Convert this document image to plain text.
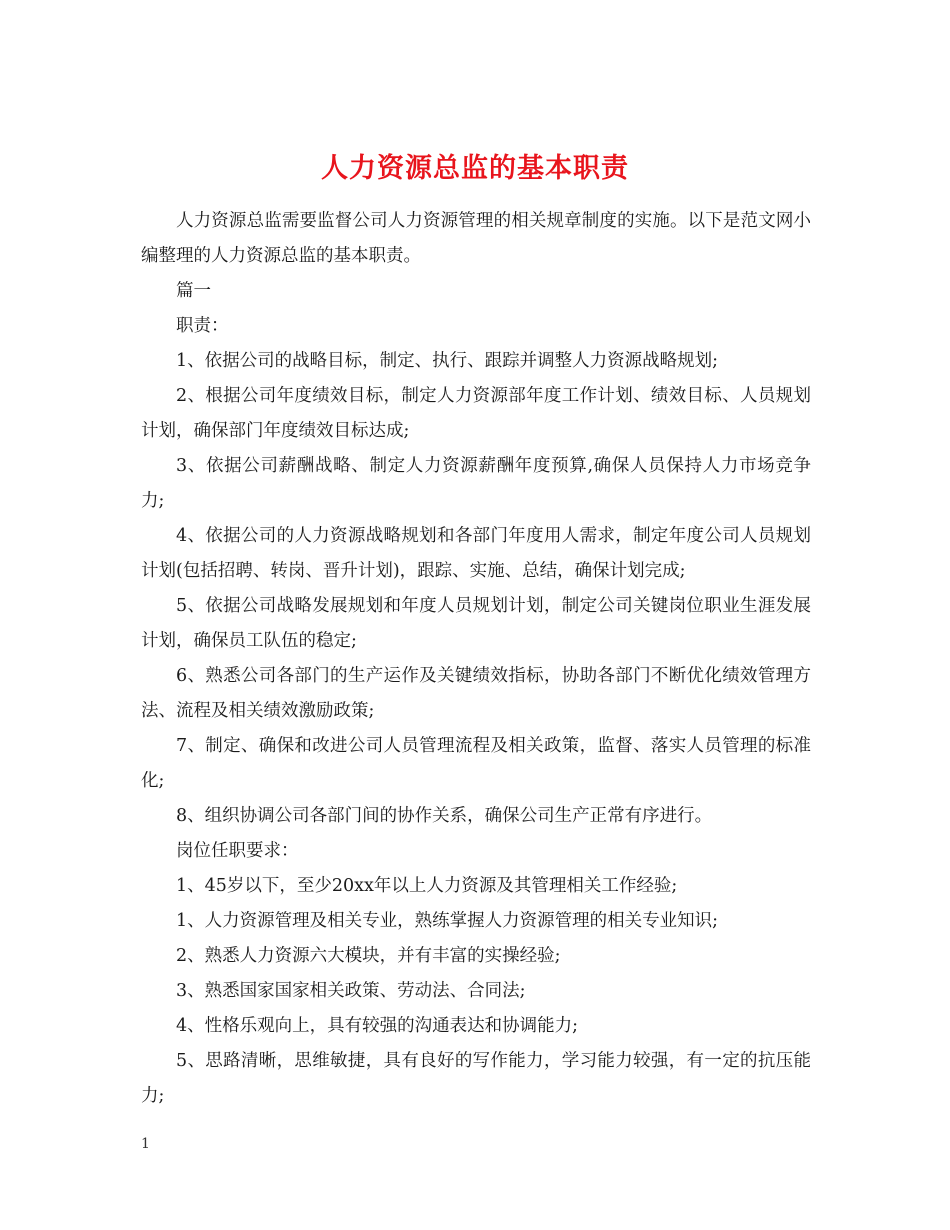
人力资源总监的基本职责

人力资源总监需要监督公司人力资源管理的相关规章制度的实施。以下是范文网小编整理的人力资源总监的基本职责。

篇一

职责：

1、依据公司的战略目标，制定、执行、跟踪并调整人力资源战略规划;

2、根据公司年度绩效目标，制定人力资源部年度工作计划、绩效目标、人员规划计划，确保部门年度绩效目标达成;

3、依据公司薪酬战略、制定人力资源薪酬年度预算,确保人员保持人力市场竞争力;

4、依据公司的人力资源战略规划和各部门年度用人需求，制定年度公司人员规划计划(包括招聘、转岗、晋升计划)，跟踪、实施、总结，确保计划完成;

5、依据公司战略发展规划和年度人员规划计划，制定公司关键岗位职业生涯发展计划，确保员工队伍的稳定;

6、熟悉公司各部门的生产运作及关键绩效指标，协助各部门不断优化绩效管理方法、流程及相关绩效激励政策;

7、制定、确保和改进公司人员管理流程及相关政策，监督、落实人员管理的标准化;

8、组织协调公司各部门间的协作关系，确保公司生产正常有序进行。

岗位任职要求：

1、45岁以下，至少20xx年以上人力资源及其管理相关工作经验;

1、人力资源管理及相关专业，熟练掌握人力资源管理的相关专业知识;

2、熟悉人力资源六大模块，并有丰富的实操经验;

3、熟悉国家国家相关政策、劳动法、合同法;

4、性格乐观向上，具有较强的沟通表达和协调能力;

5、思路清晰，思维敏捷，具有良好的写作能力，学习能力较强，有一定的抗压能力;

1
